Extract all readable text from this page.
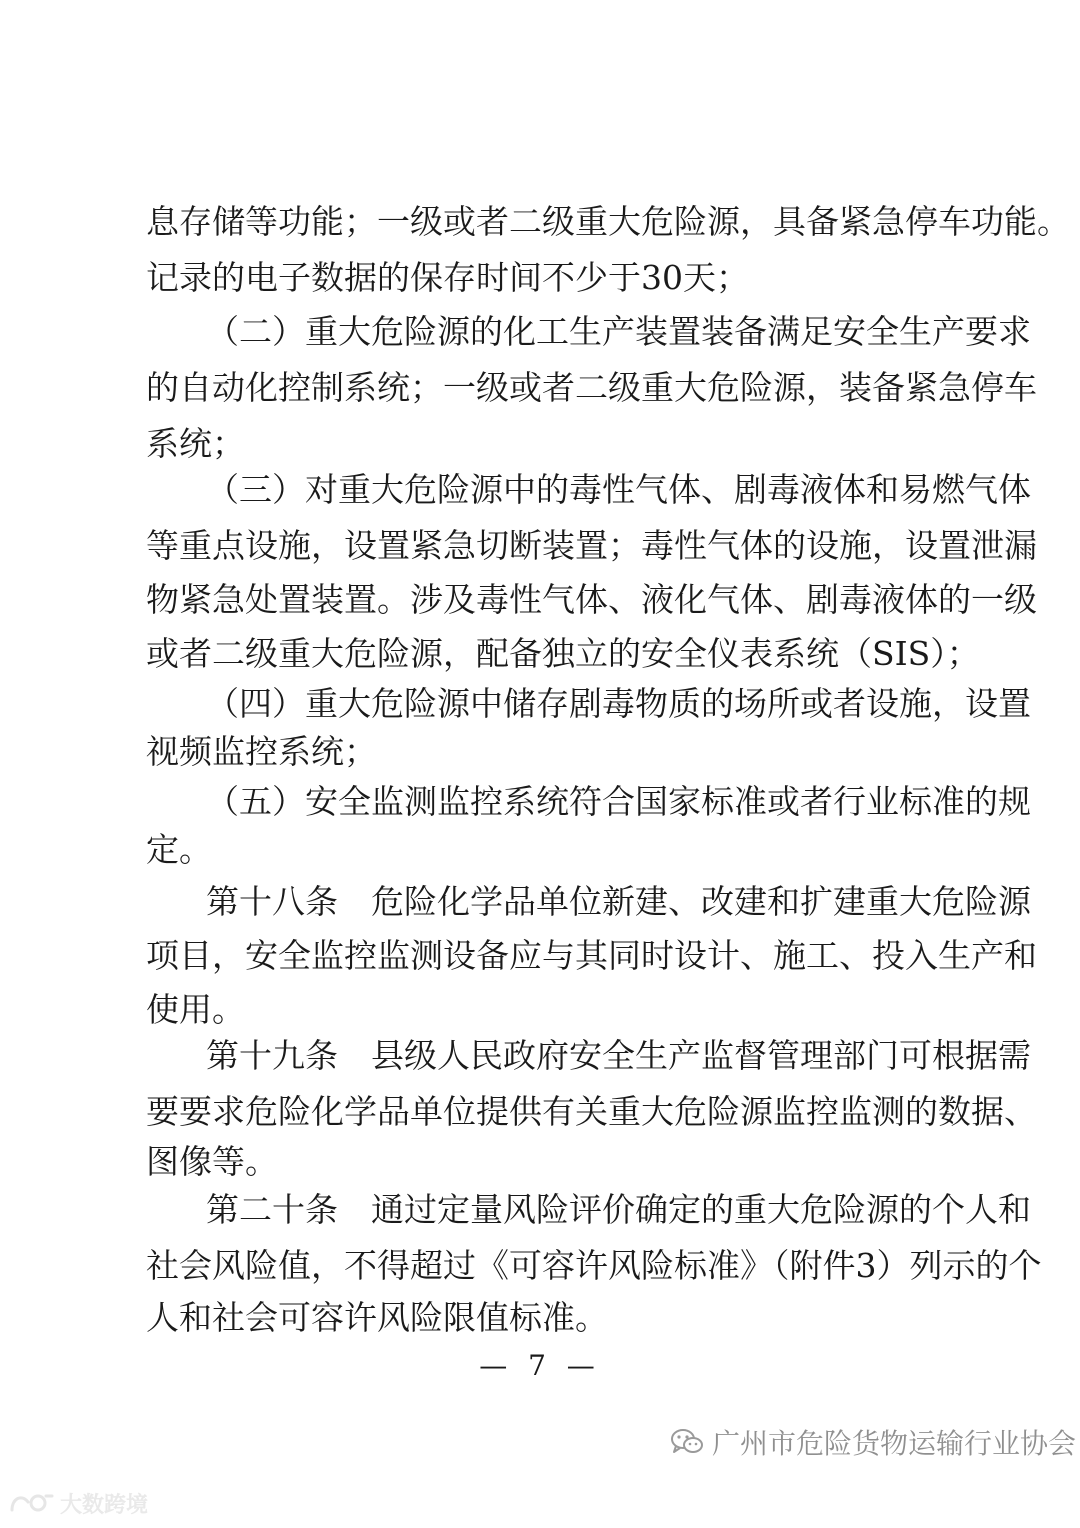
息存储等功能；一级或者二级重大危险源，具备紧急停车功能。
记录的电子数据的保存时间不少于30天；
（二）重大危险源的化工生产装置装备满足安全生产要求
的自动化控制系统；一级或者二级重大危险源，装备紧急停车
系统；
（三）对重大危险源中的毒性气体、剧毒液体和易燃气体
等重点设施，设置紧急切断装置；毒性气体的设施，设置泄漏
物紧急处置装置。涉及毒性气体、液化气体、剧毒液体的一级
或者二级重大危险源，配备独立的安全仪表系统（SIS）；
（四）重大危险源中储存剧毒物质的场所或者设施，设置
视频监控系统；
（五）安全监测监控系统符合国家标准或者行业标准的规
定。
第十八条　危险化学品单位新建、改建和扩建重大危险源
项目，安全监控监测设备应与其同时设计、施工、投入生产和
使用。
第十九条　县级人民政府安全生产监督管理部门可根据需
要要求危险化学品单位提供有关重大危险源监控监测的数据、
图像等。
第二十条　通过定量风险评价确定的重大危险源的个人和
社会风险值，不得超过《可容许风险标准》（附件3）列示的个
人和社会可容许风险限值标准。
— 7 —
广州市危险货物运输行业协会
大数跨境
